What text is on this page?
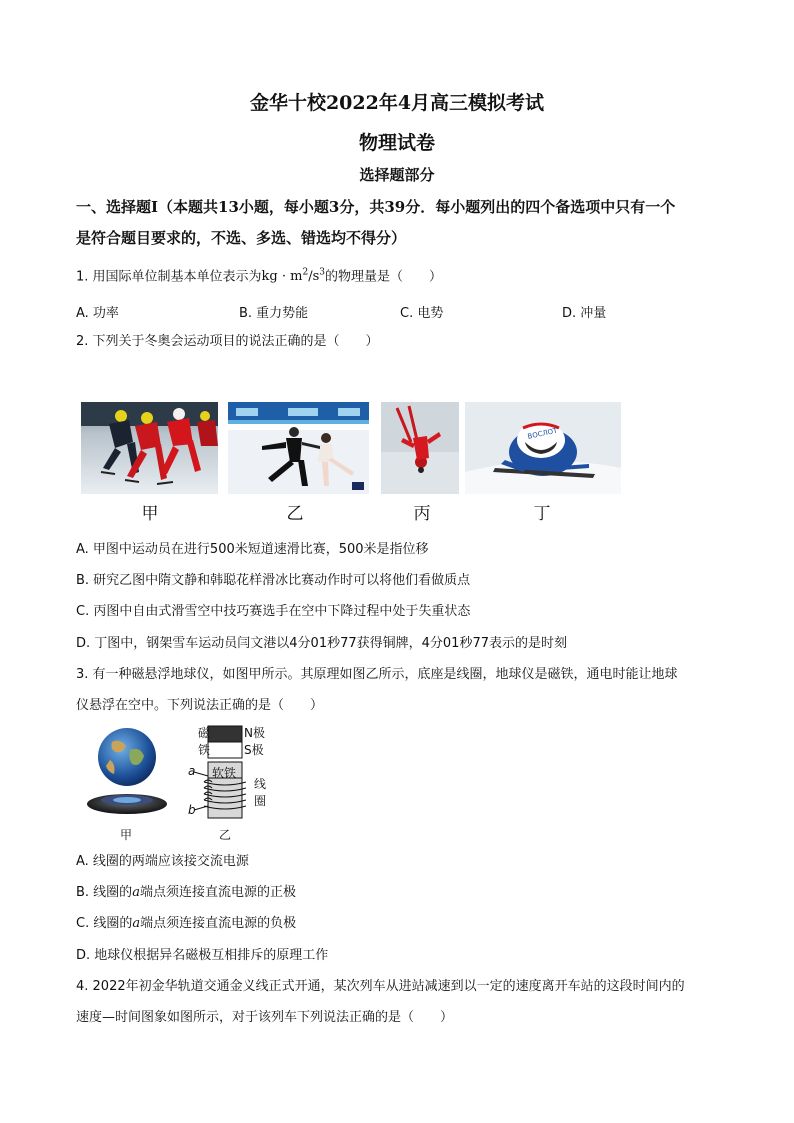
金华十校2022年4月高三模拟考试
物理试卷
选择题部分
一、选择题Ⅰ（本题共13小题，每小题3分，共39分．每小题列出的四个备选项中只有一个
是符合题目要求的，不选、多选、错选均不得分）
1. 用国际单位制基本单位表示为kg · $m^2/s^3$的物理量是（　　）
A. 功率	B. 重力势能	C. 电势	D. 冲量
2. 下列关于冬奥会运动项目的说法正确的是（　　）
ВОСЛОТ
甲	乙	丙	丁
A. 甲图中运动员在进行500米短道速滑比赛，500米是指位移
B. 研究乙图中隋文静和韩聪花样滑冰比赛动作时可以将他们看做质点
C. 丙图中自由式滑雪空中技巧赛选手在空中下降过程中处于失重状态
D. 丁图中，钢架雪车运动员闫文港以4分01秒77获得铜牌，4分01秒77表示的是时刻
3. 有一种磁悬浮地球仪，如图甲所示。其原理如图乙所示，底座是线圈，地球仪是磁铁，通电时能让地球
仪悬浮在空中。下列说法正确的是（　　）
甲
磁
铁
N极
S极
软铁
线
圈
a
b
乙
A. 线圈的两端应该接交流电源
B. 线圈的a端点须连接直流电源的正极
C. 线圈的a端点须连接直流电源的负极
D. 地球仪根据异名磁极互相排斥的原理工作
4. 2022年初金华轨道交通金义线正式开通，某次列车从进站减速到以一定的速度离开车站的这段时间内的
速度—时间图象如图所示，对于该列车下列说法正确的是（　　）
